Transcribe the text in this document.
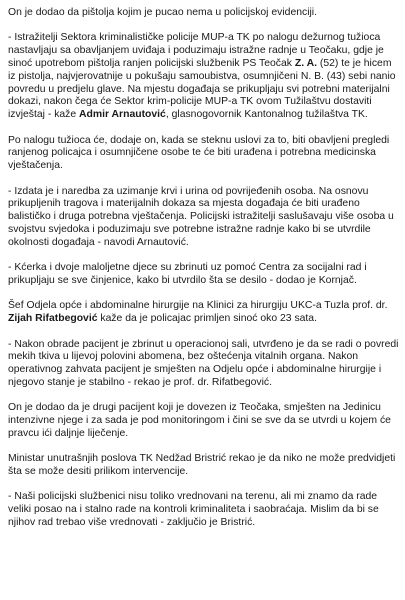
On je dodao da pištolja kojim je pucao nema u policijskoj evidenciji.

- Istražitelji Sektora kriminalističke policije MUP-a TK po nalogu dežurnog tužioca nastavljaju sa obavljanjem uviđaja i poduzimaju istražne radnje u Teočaku, gdje je sinoć upotrebom pištolja ranjen policijski službenik PS Teočak Z. A. (52) te je hicem iz pistolja, najvjerovatnije u pokušaju samoubistva, osumnjičeni N. B. (43) sebi nanio povredu u predjelu glave. Na mjestu događaja se prikupljaju svi potrebni materijalni dokazi, nakon čega će Sektor krim-policije MUP-a TK ovom Tužilaštvu dostaviti izvještaj - kaže Admir Arnautović, glasnogovornik Kantonalnog tužilaštva TK.

Po nalogu tužioca će, dodaje on, kada se steknu uslovi za to, biti obavljeni pregledi ranjenog policajca i osumnjičene osobe te će biti urađena i potrebna medicinska vještačenja.

- Izdata je i naredba za uzimanje krvi i urina od povrijeđenih osoba. Na osnovu prikupljenih tragova i materijalnih dokaza sa mjesta događaja će biti urađeno balističko i druga potrebna vještačenja. Policijski istražitelji saslušavaju više osoba u svojstvu svjedoka i poduzimaju sve potrebne istražne radnje kako bi se utvrdile okolnosti događaja - navodi Arnautović.

- Kćerka i dvoje maloljetne djece su zbrinuti uz pomoć Centra za socijalni rad i prikupljaju se sve činjenice, kako bi utvrdilo šta se desilo - dodao je Kornjač.

Šef Odjela opće i abdominalne hirurgije na Klinici za hirurgiju UKC-a Tuzla prof. dr. Zijah Rifatbegović kaže da je policajac primljen sinoć oko 23 sata.

- Nakon obrade pacijent je zbrinut u operacionoj sali, utvrđeno je da se radi o povredi mekih tkiva u lijevoj polovini abomena, bez oštećenja vitalnih organa. Nakon operativnog zahvata pacijent je smješten na Odjelu opće i abdominalne hirurgije i njegovo stanje je stabilno - rekao je prof. dr. Rifatbegović.

On je dodao da je drugi pacijent koji je dovezen iz Teočaka, smješten na Jedinicu intenzivne njege i za sada je pod monitoringom i čini se sve da se utvrdi u kojem će pravcu ići daljnje liječenje.

Ministar unutrašnjih poslova TK Nedžad Bristrić rekao je da niko ne može predvidjeti šta se može desiti prilikom intervencije.

- Naši policijski službenici nisu toliko vrednovani na terenu, ali mi znamo da rade veliki posao na i stalno rade na kontroli kriminaliteta i saobraćaja. Mislim da bi se njihov rad trebao više vrednovati - zaključio je Bristrić.
